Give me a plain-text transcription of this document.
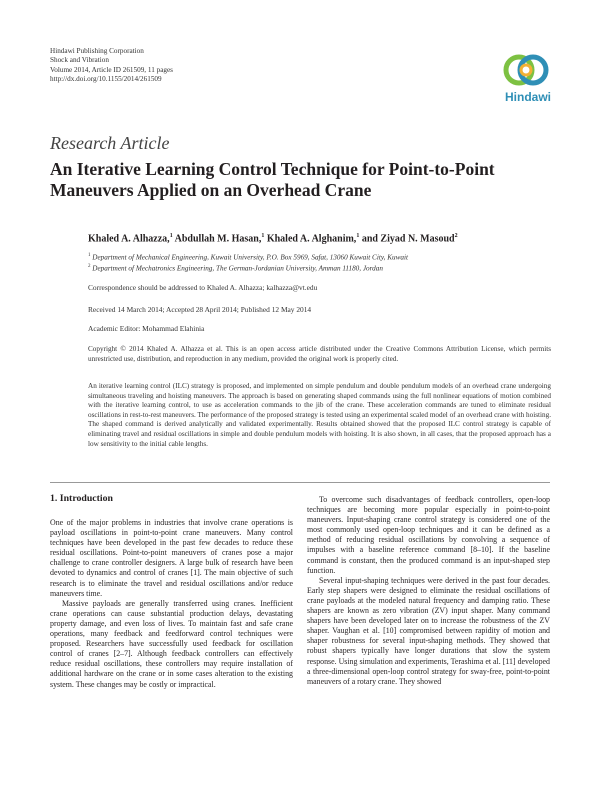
Hindawi Publishing Corporation
Shock and Vibration
Volume 2014, Article ID 261509, 11 pages
http://dx.doi.org/10.1155/2014/261509
Hindawi
Research Article
An Iterative Learning Control Technique for Point-to-Point Maneuvers Applied on an Overhead Crane
Khaled A. Alhazza,$^1$ Abdullah M. Hasan,$^1$ Khaled A. Alghanim,$^1$ and Ziyad N. Masoud$^2$
$^1$ Department of Mechanical Engineering, Kuwait University, P.O. Box 5969, Safat, 13060 Kuwait City, Kuwait
$^2$ Department of Mechatronics Engineering, The German-Jordanian University, Amman 11180, Jordan
Correspondence should be addressed to Khaled A. Alhazza; kalhazza@vt.edu
Received 14 March 2014; Accepted 28 April 2014; Published 12 May 2014
Academic Editor: Mohammad Elahinia
Copyright © 2014 Khaled A. Alhazza et al. This is an open access article distributed under the Creative Commons Attribution License, which permits unrestricted use, distribution, and reproduction in any medium, provided the original work is properly cited.
An iterative learning control (ILC) strategy is proposed, and implemented on simple pendulum and double pendulum models of an overhead crane undergoing simultaneous traveling and hoisting maneuvers. The approach is based on generating shaped commands using the full nonlinear equations of motion combined with the iterative learning control, to use as acceleration commands to the jib of the crane. These acceleration commands are tuned to eliminate residual oscillations in rest-to-rest maneuvers. The performance of the proposed strategy is tested using an experimental scaled model of an overhead crane with hoisting. The shaped command is derived analytically and validated experimentally. Results obtained showed that the proposed ILC control strategy is capable of eliminating travel and residual oscillations in simple and double pendulum models with hoisting. It is also shown, in all cases, that the proposed approach has a low sensitivity to the initial cable lengths.
1. Introduction

One of the major problems in industries that involve crane operations is payload oscillations in point-to-point crane maneuvers. Many control techniques have been developed in the past few decades to reduce these residual oscillations. Point-to-point maneuvers of cranes pose a major challenge to crane controller designers. A large bulk of research have been devoted to dynamics and control of cranes [1]. The main objective of such research is to eliminate the travel and residual oscillations and/or reduce maneuvers time.

Massive payloads are generally transferred using cranes. Inefficient crane operations can cause substantial production delays, devastating property damage, and even loss of lives. To maintain fast and safe crane operations, many feedback and feedforward control techniques were proposed. Researchers have successfully used feedback for oscillation control of cranes [2–7]. Although feedback controllers can effectively reduce residual oscillations, these controllers may require installation of additional hardware on the crane or in some cases alteration to the existing system. These changes may be costly or impractical.

To overcome such disadvantages of feedback controllers, open-loop techniques are becoming more popular especially in point-to-point maneuvers. Input-shaping crane control strategy is considered one of the most commonly used open-loop techniques and it can be defined as a method of reducing residual oscillations by convolving a sequence of impulses with a baseline reference command [8–10]. If the baseline command is constant, then the produced command is an input-shaped step function.

Several input-shaping techniques were derived in the past four decades. Early step shapers were designed to eliminate the residual oscillations of crane payloads at the modeled natural frequency and damping ratio. These shapers are known as zero vibration (ZV) input shaper. Many command shapers have been developed later on to increase the robustness of the ZV shaper. Vaughan et al. [10] compromised between rapidity of motion and shaper robustness for several input-shaping methods. They showed that robust shapers typically have longer durations that slow the system response. Using simulation and experiments, Terashima et al. [11] developed a three-dimensional open-loop control strategy for sway-free, point-to-point maneuvers of a rotary crane. They showed
